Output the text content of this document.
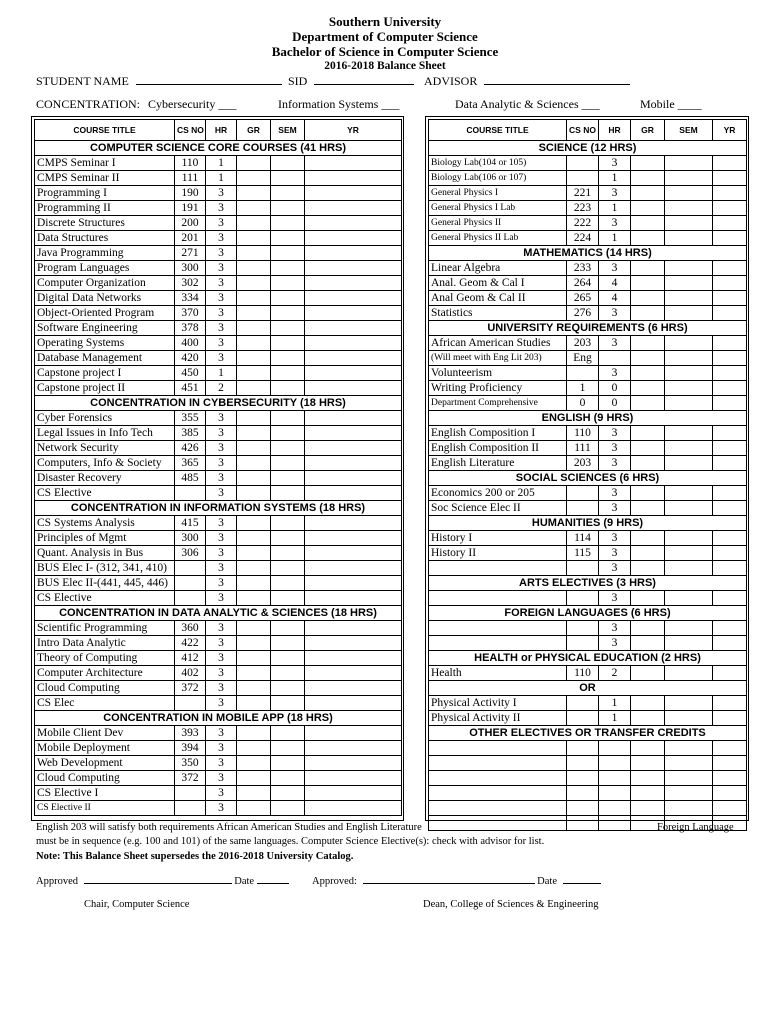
Southern University
Department of Computer Science
Bachelor of Science in Computer Science
2016-2018 Balance Sheet
STUDENT NAME	SID	ADVISOR
CONCENTRATION: Cybersecurity ___	Information Systems ___	Data Analytic & Sciences ___	Mobile ____
COURSE TITLE	CS NO	HR	GR	SEM	YR
COMPUTER SCIENCE CORE COURSES (41 HRS)					
CMPS Seminar I	110	1			
CMPS Seminar II	111	1			
Programming I	190	3			
Programming II	191	3			
Discrete Structures	200	3			
Data Structures	201	3			
Java Programming	271	3			
Program Languages	300	3			
Computer Organization	302	3			
Digital Data Networks	334	3			
Object-Oriented Program	370	3			
Software Engineering	378	3			
Operating Systems	400	3			
Database Management	420	3			
Capstone project I	450	1			
Capstone project II	451	2			
CONCENTRATION IN CYBERSECURITY (18 HRS)					
Cyber Forensics	355	3			
Legal Issues in Info Tech	385	3			
Network Security	426	3			
Computers, Info & Society	365	3			
Disaster Recovery	485	3			
CS Elective		3			
CONCENTRATION IN INFORMATION SYSTEMS (18 HRS)					
CS Systems Analysis	415	3			
Principles of Mgmt	300	3			
Quant. Analysis in Bus	306	3			
BUS Elec I- (312, 341, 410)		3			
BUS Elec II-(441, 445, 446)		3			
CS Elective		3			
CONCENTRATION IN DATA ANALYTIC & SCIENCES (18 HRS)					
Scientific Programming	360	3			
Intro Data Analytic	422	3			
Theory of Computing	412	3			
Computer Architecture	402	3			
Cloud Computing	372	3			
CS Elec		3			
CONCENTRATION IN MOBILE APP (18 HRS)					
Mobile Client Dev	393	3			
Mobile Deployment	394	3			
Web Development	350	3			
Cloud Computing	372	3			
CS Elective I		3			
CS Elective II		3			
COURSE TITLE	CS NO	HR	GR	SEM	YR
SCIENCE (12 HRS)					
Biology Lab(104 or 105)		3			
Biology Lab(106 or 107)		1			
General Physics I	221	3			
General Physics I Lab	223	1			
General Physics II	222	3			
General Physics II Lab	224	1			
MATHEMATICS (14 HRS)					
Linear Algebra	233	3			
Anal. Geom & Cal I	264	4			
Anal Geom & Cal II	265	4			
Statistics	276	3			
UNIVERSITY REQUIREMENTS (6 HRS)					
African American Studies	203	3			
(Will meet with Eng Lit 203)	Eng				
Volunteerism		3			
Writing Proficiency	1	0			
Department Comprehensive	0	0			
ENGLISH (9 HRS)					
English Composition I	110	3			
English Composition II	111	3			
English Literature	203	3			
SOCIAL SCIENCES (6 HRS)					
Economics 200 or 205		3			
Soc Science Elec II		3			
HUMANITIES (9 HRS)					
History I	114	3			
History II	115	3			
		3			
ARTS ELECTIVES (3 HRS)					
		3			
FOREIGN LANGUAGES (6 HRS)					
		3			
		3			
HEALTH or PHYSICAL EDUCATION (2 HRS)					
Health	110	2			
OR					
Physical Activity I		1			
Physical Activity II		1			
OTHER ELECTIVES OR TRANSFER CREDITS					

English 203 will satisfy both requirements African American Studies and English Literature	Foreign Language
must be in sequence (e.g. 100 and 101) of the same languages. Computer Science Elective(s): check with advisor for list.
Note: This Balance Sheet supersedes the 2016-2018 University Catalog.
Approved	Date	Approved:	Date
Chair, Computer Science	Dean, College of Sciences & Engineering
